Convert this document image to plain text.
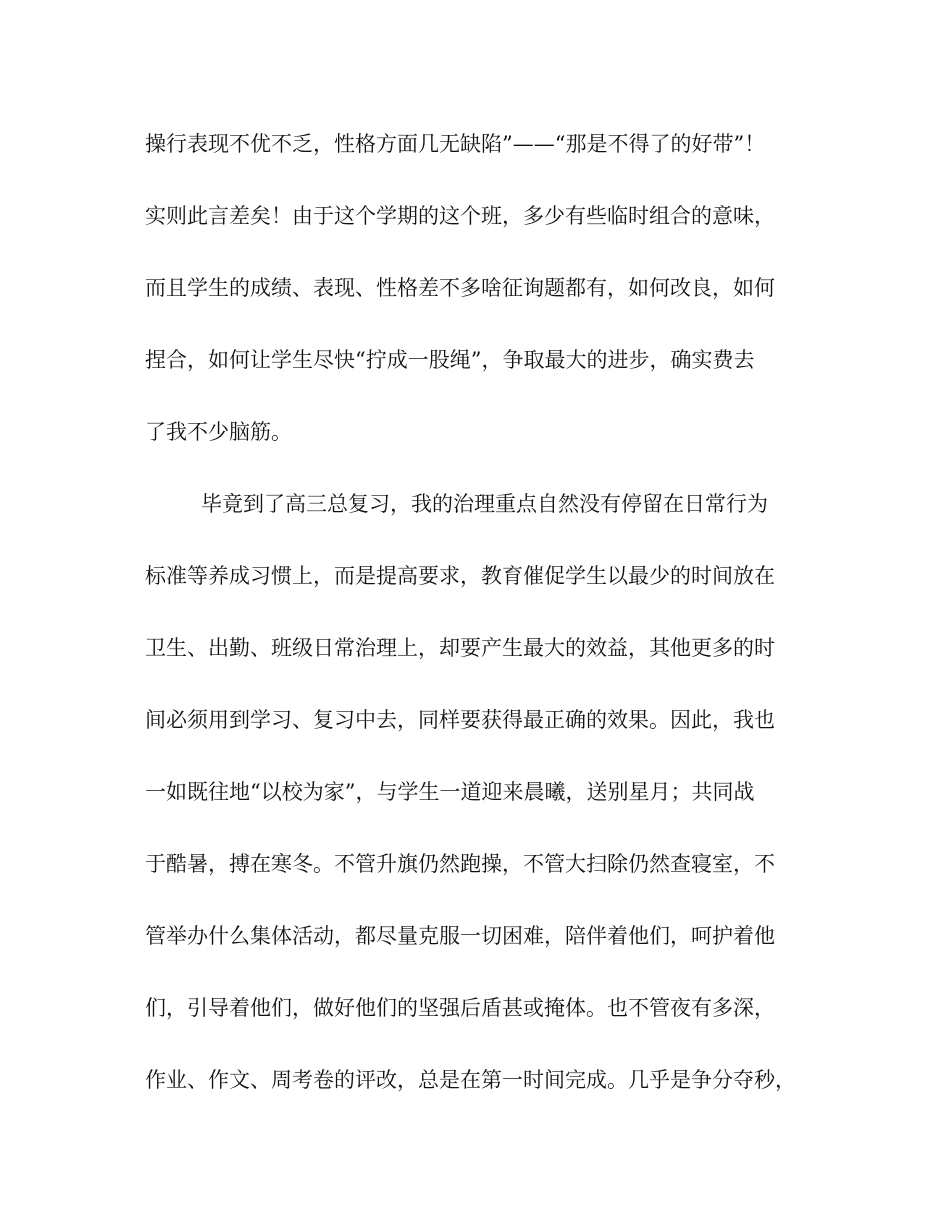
操行表现不优不乏，性格方面几无缺陷”——“那是不得了的好带”！
实则此言差矣！由于这个学期的这个班，多少有些临时组合的意味，
而且学生的成绩、表现、性格差不多啥征询题都有，如何改良，如何
捏合，如何让学生尽快“拧成一股绳”，争取最大的进步，确实费去
了我不少脑筋。
毕竟到了高三总复习，我的治理重点自然没有停留在日常行为
标准等养成习惯上，而是提高要求，教育催促学生以最少的时间放在
卫生、出勤、班级日常治理上，却要产生最大的效益，其他更多的时
间必须用到学习、复习中去，同样要获得最正确的效果。因此，我也
一如既往地“以校为家”，与学生一道迎来晨曦，送别星月；共同战
于酷暑，搏在寒冬。不管升旗仍然跑操，不管大扫除仍然查寝室，不
管举办什么集体活动，都尽量克服一切困难，陪伴着他们，呵护着他
们，引导着他们，做好他们的坚强后盾甚或掩体。也不管夜有多深，
作业、作文、周考卷的评改，总是在第一时间完成。几乎是争分夺秒，
